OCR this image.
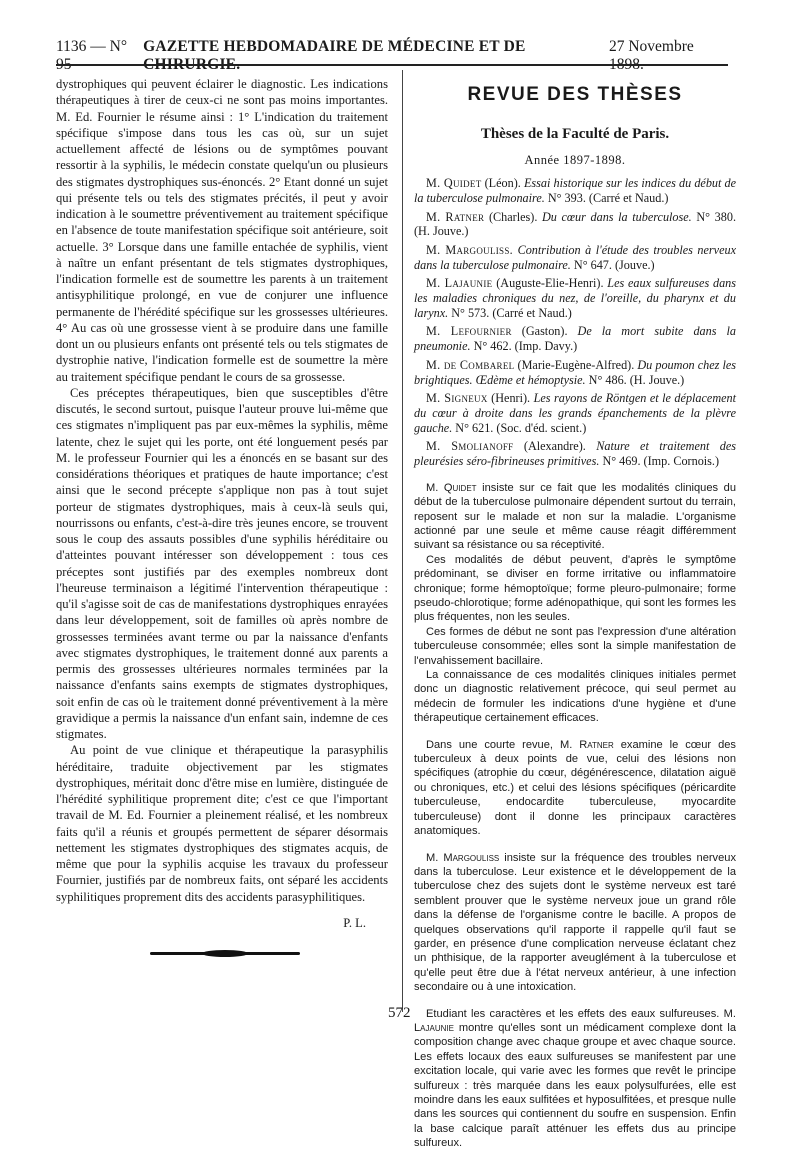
1136 — N° 95
GAZETTE HEBDOMADAIRE DE MÉDECINE ET DE CHIRURGIE.
27 Novembre 1898.

dystrophiques qui peuvent éclairer le diagnostic. Les indications thérapeutiques à tirer de ceux-ci ne sont pas moins importantes. M. Ed. Fournier le résume ainsi : 1° L'indication du traitement spécifique s'impose dans tous les cas où, sur un sujet actuellement affecté de lésions ou de symptômes pouvant ressortir à la syphilis, le médecin constate quelqu'un ou plusieurs des stigmates dystrophiques sus-énoncés. 2° Etant donné un sujet qui présente tels ou tels des stigmates précités, il peut y avoir indication à le soumettre préventivement au traitement spécifique en l'absence de toute manifestation spécifique soit antérieure, soit actuelle. 3° Lorsque dans une famille entachée de syphilis, vient à naître un enfant présentant de tels stigmates dystrophiques, l'indication formelle est de soumettre les parents à un traitement antisyphilitique prolongé, en vue de conjurer une influence permanente de l'hérédité spécifique sur les grossesses ultérieures. 4° Au cas où une grossesse vient à se produire dans une famille dont un ou plusieurs enfants ont présenté tels ou tels stigmates de dystrophie native, l'indication formelle est de soumettre la mère au traitement spécifique pendant le cours de sa grossesse.

Ces préceptes thérapeutiques, bien que susceptibles d'être discutés, le second surtout, puisque l'auteur prouve lui-même que ces stigmates n'impliquent pas par eux-mêmes la syphilis, même latente, chez le sujet qui les porte, ont été longuement pesés par M. le professeur Fournier qui les a énoncés en se basant sur des considérations théoriques et pratiques de haute importance; c'est ainsi que le second précepte s'applique non pas à tout sujet porteur de stigmates dystrophiques, mais à ceux-là seuls qui, nourrissons ou enfants, c'est-à-dire très jeunes encore, se trouvent sous le coup des assauts possibles d'une syphilis héréditaire ou d'atteintes pouvant intéresser son développement : tous ces préceptes sont justifiés par des exemples nombreux dont l'heureuse terminaison a légitimé l'intervention thérapeutique : qu'il s'agisse soit de cas de manifestations dystrophiques enrayées dans leur développement, soit de familles où après nombre de grossesses terminées avant terme ou par la naissance d'enfants avec stigmates dystrophiques, le traitement donné aux parents a permis des grossesses ultérieures normales terminées par la naissance d'enfants sains exempts de stigmates dystrophiques, soit enfin de cas où le traitement donné préventivement à la mère gravidique a permis la naissance d'un enfant sain, indemne de ces stigmates.

Au point de vue clinique et thérapeutique la parasyphilis héréditaire, traduite objectivement par les stigmates dystrophiques, méritait donc d'être mise en lumière, distinguée de l'hérédité syphilitique proprement dite; c'est ce que l'important travail de M. Ed. Fournier a pleinement réalisé, et les nombreux faits qu'il a réunis et groupés permettent de séparer désormais nettement les stigmates dystrophiques des stigmates acquis, de même que pour la syphilis acquise les travaux du professeur Fournier, justifiés par de nombreux faits, ont séparé les accidents syphilitiques proprement dits des accidents parasyphilitiques.

P. L.
REVUE DES THÈSES
Thèses de la Faculté de Paris.
Année 1897-1898.
M. Quidet (Léon). Essai historique sur les indices du début de la tuberculose pulmonaire. N° 393. (Carré et Naud.)
M. Ratner (Charles). Du cœur dans la tuberculose. N° 380. (H. Jouve.)
M. Margouliss. Contribution à l'étude des troubles nerveux dans la tuberculose pulmonaire. N° 647. (Jouve.)
M. Lajaunie (Auguste-Elie-Henri). Les eaux sulfureuses dans les maladies chroniques du nez, de l'oreille, du pharynx et du larynx. N° 573. (Carré et Naud.)
M. Lefournier (Gaston). De la mort subite dans la pneumonie. N° 462. (Imp. Davy.)
M. de Combarel (Marie-Eugène-Alfred). Du poumon chez les brightiques. Œdème et hémoptysie. N° 486. (H. Jouve.)
M. Signeux (Henri). Les rayons de Röntgen et le déplacement du cœur à droite dans les grands épanchements de la plèvre gauche. N° 621. (Soc. d'éd. scient.)
M. Smolianoff (Alexandre). Nature et traitement des pleurésies séro-fibrineuses primitives. N° 469. (Imp. Cornois.)

M. Quidet insiste sur ce fait que les modalités cliniques du début de la tuberculose pulmonaire dépendent surtout du terrain, reposent sur le malade et non sur la maladie. L'organisme actionné par une seule et même cause réagit différemment suivant sa résistance ou sa réceptivité.

Ces modalités de début peuvent, d'après le symptôme prédominant, se diviser en forme irritative ou inflammatoire chronique; forme hémoptoïque; forme pleuro-pulmonaire; forme pseudo-chlorotique; forme adénopathique, qui sont les formes les plus fréquentes, non les seules.

Ces formes de début ne sont pas l'expression d'une altération tuberculeuse consommée; elles sont la simple manifestation de l'envahissement bacillaire.

La connaissance de ces modalités cliniques initiales permet donc un diagnostic relativement précoce, qui seul permet au médecin de formuler les indications d'une hygiène et d'une thérapeutique certainement efficaces.

Dans une courte revue, M. Ratner examine le cœur des tuberculeux à deux points de vue, celui des lésions non spécifiques (atrophie du cœur, dégénérescence, dilatation aiguë ou chroniques, etc.) et celui des lésions spécifiques (péricardite tuberculeuse, endocardite tuberculeuse, myocardite tuberculeuse) dont il donne les principaux caractères anatomiques.

M. Margouliss insiste sur la fréquence des troubles nerveux dans la tuberculose. Leur existence et le développement de la tuberculose chez des sujets dont le système nerveux est taré semblent prouver que le système nerveux joue un grand rôle dans la défense de l'organisme contre le bacille. A propos de quelques observations qu'il rapporte il rappelle qu'il faut se garder, en présence d'une complication nerveuse éclatant chez un phthisique, de la rapporter aveuglément à la tuberculose et qu'elle peut être due à l'état nerveux antérieur, à une infection secondaire ou à une intoxication.

Etudiant les caractères et les effets des eaux sulfureuses. M. Lajaunie montre qu'elles sont un médicament complexe dont la composition change avec chaque groupe et avec chaque source. Les effets locaux des eaux sulfureuses se manifestent par une excitation locale, qui varie avec les formes que revêt le principe sulfureux : très marquée dans les eaux polysulfurées, elle est moindre dans les eaux sulfitées et hyposulfitées, et presque nulle dans les sources qui contiennent du soufre en suspension. Enfin la base calcique paraît atténuer les effets dus au principe sulfureux.

572
